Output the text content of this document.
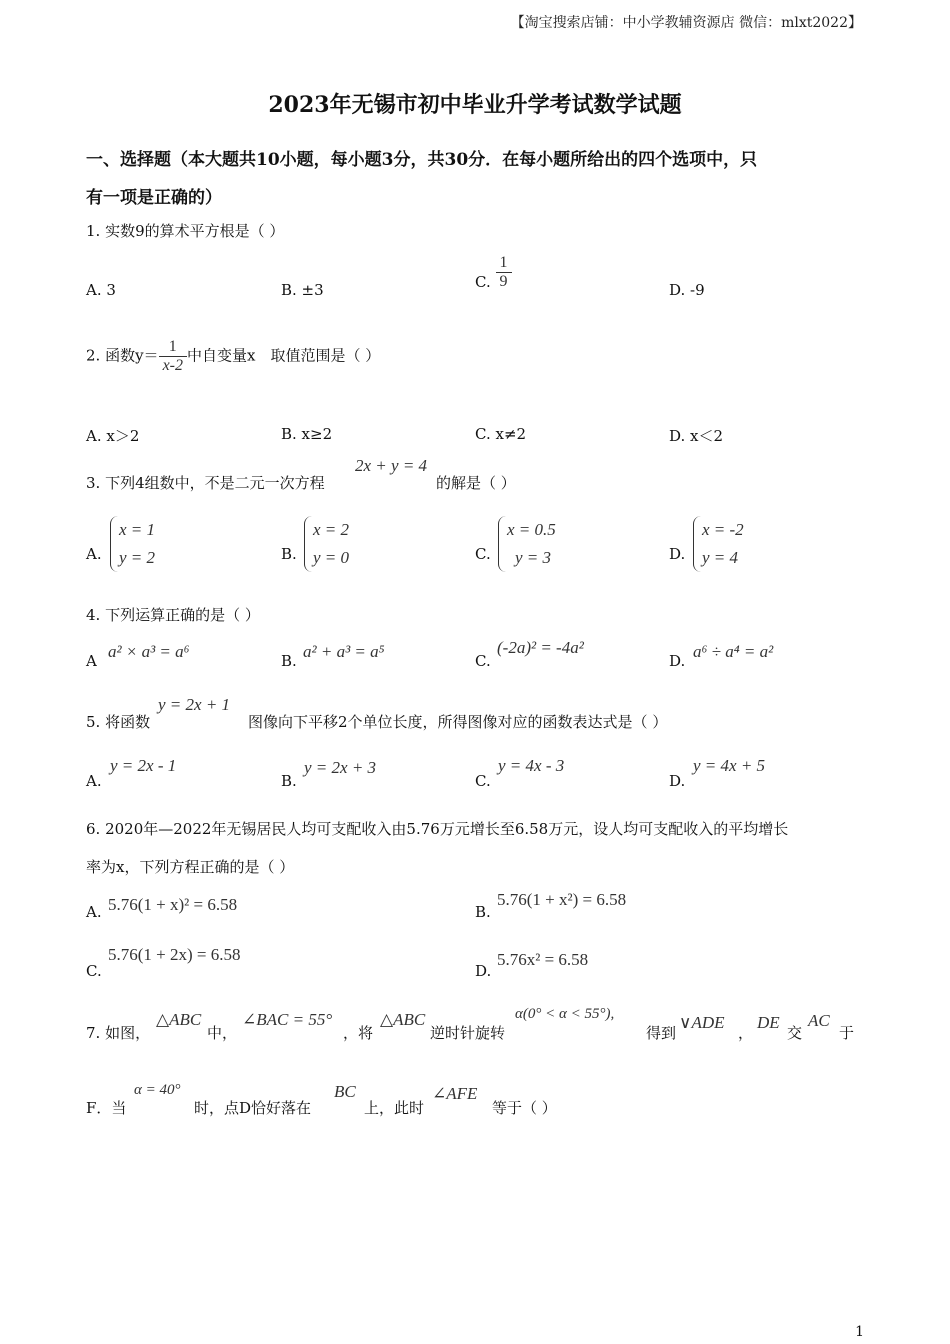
【淘宝搜索店铺：中小学教辅资源店 微信：mlxt2022】
2023年无锡市初中毕业升学考试数学试题
一、选择题（本大题共10小题，每小题3分，共30分．在每小题所给出的四个选项中，只
有一项是正确的）
1. 实数9的算术平方根是（ ）
A. 3	B. ±3	C. $\frac{1}{9}$	D. ‑9
2. 函数$y= \frac{1}{x‑2}$ 中自变量x　取值范围是（ ）
A. x＞2	B. x≥2	C. x≠2	D. x＜2
3. 下列4组数中，不是二元一次方程
2x + y = 4
的解是（ ）
A.
x = 1
y = 2	B.
x = 2
y = 0	C.
x = 0.5
y = 3	D.
x = ‑2
y = 4
4. 下列运算正确的是（ ）
A a² × a³ = a⁶	B. a² + a³ = a⁵	C.
(‑2a)² = ‑4a²
D. a⁶ ÷ a⁴ = a²
5. 将函数
y = 2x + 1
图像向下平移2个单位长度，所得图像对应的函数表达式是（ ）
A.
y = 2x ‑ 1
B.
y = 2x + 3
C.
y = 4x ‑ 3
D.
y = 4x + 5
6. 2020年—2022年无锡居民人均可支配收入由5.76万元增长至6.58万元，设人均可支配收入的平均增长
率为x，下列方程正确的是（ ）
A. 5.76(1 + x)² = 6.58	B.
5.76(1 + x²) = 6.58
C.
5.76(1 + 2x) = 6.58
D.
5.76x² = 6.58
7. 如图，
△ABC
中，
∠BAC = 55°
，将
△ABC
逆时针旋转
α(0° < α < 55°),
得到
∨ADE
，
DE
交
AC
于
F．当
α = 40°
时，点D恰好落在
BC
上，此时
∠AFE
等于（ ）
1
